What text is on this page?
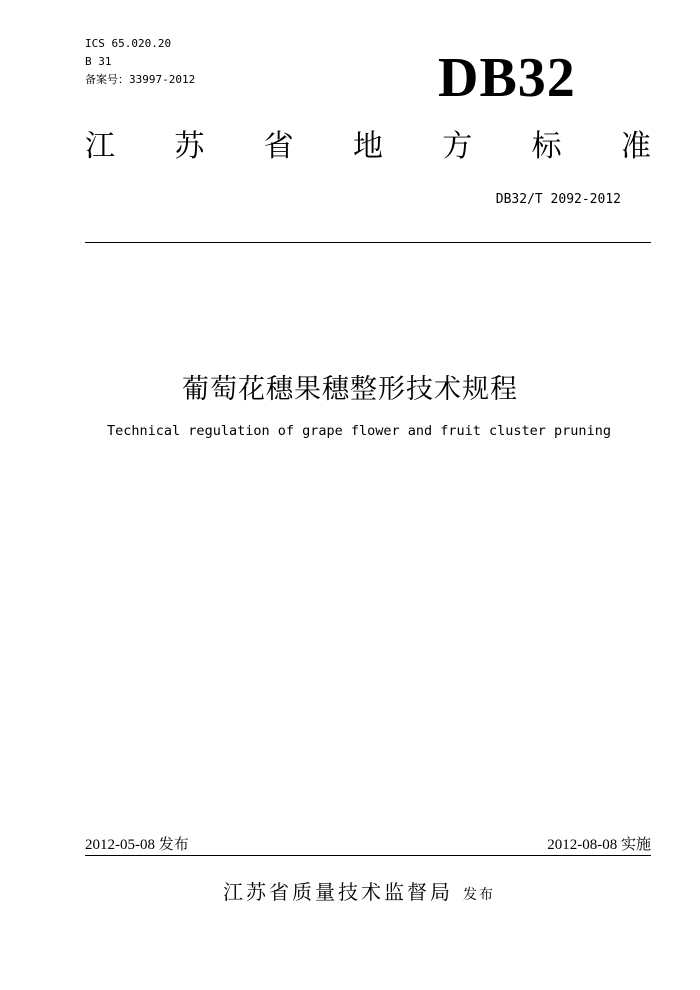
ICS 65.020.20
B 31
备案号：33997-2012	DB32
江 苏 省 地 方 标 准
DB32/T 2092-2012
葡萄花穗果穗整形技术规程
Technical regulation of grape flower and fruit cluster pruning
2012-05-08 发布	2012-08-08 实施
江苏省质量技术监督局 发布
